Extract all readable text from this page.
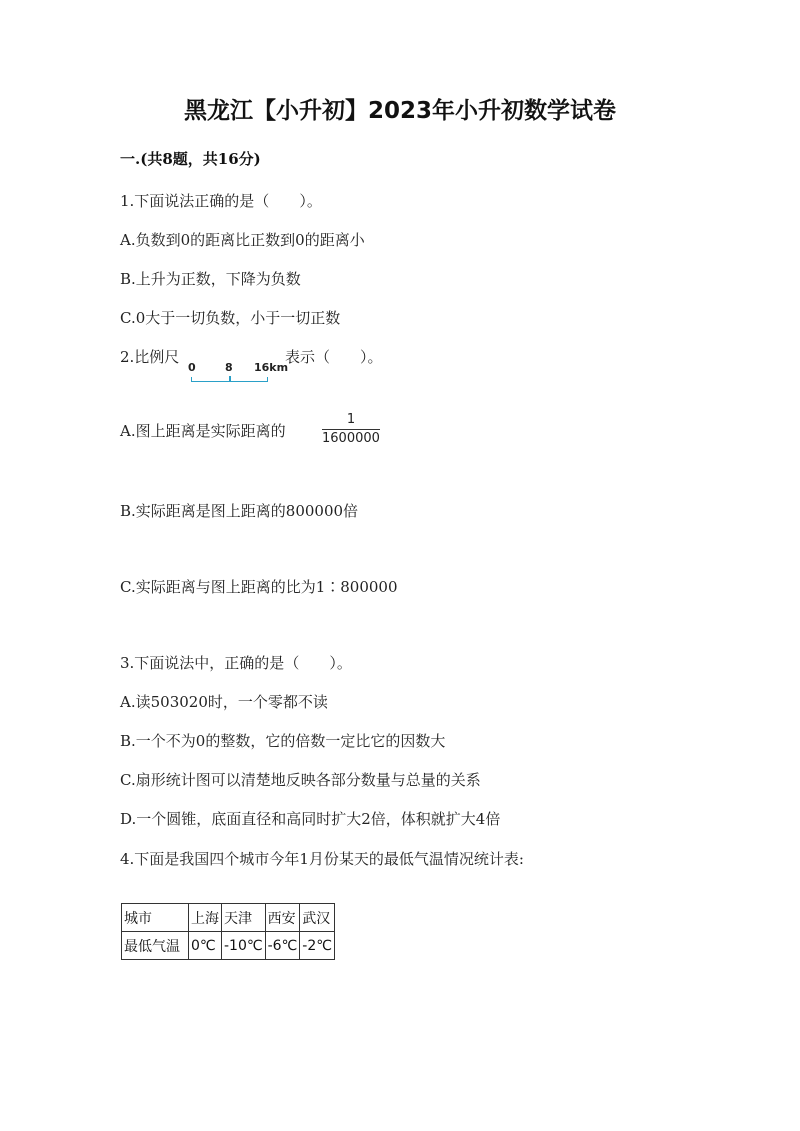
黑龙江【小升初】2023年小升初数学试卷
一.(共8题，共16分)
1.下面说法正确的是（　　）。
A.负数到0的距离比正数到0的距离小
B.上升为正数，下降为负数
C.0大于一切负数，小于一切正数
2.比例尺
0	8 16km
表示（　　）。
A.图上距离是实际距离的
1
1600000
B.实际距离是图上距离的800000倍
C.实际距离与图上距离的比为1∶800000
3.下面说法中，正确的是（　　）。
A.读503020时，一个零都不读
B.一个不为0的整数，它的倍数一定比它的因数大
C.扇形统计图可以清楚地反映各部分数量与总量的关系
D.一个圆锥，底面直径和高同时扩大2倍，体积就扩大4倍
4.下面是我国四个城市今年1月份某天的最低气温情况统计表:
城市	上海	天津	西安	武汉
最低气温	0℃	-10℃	-6℃	-2℃
